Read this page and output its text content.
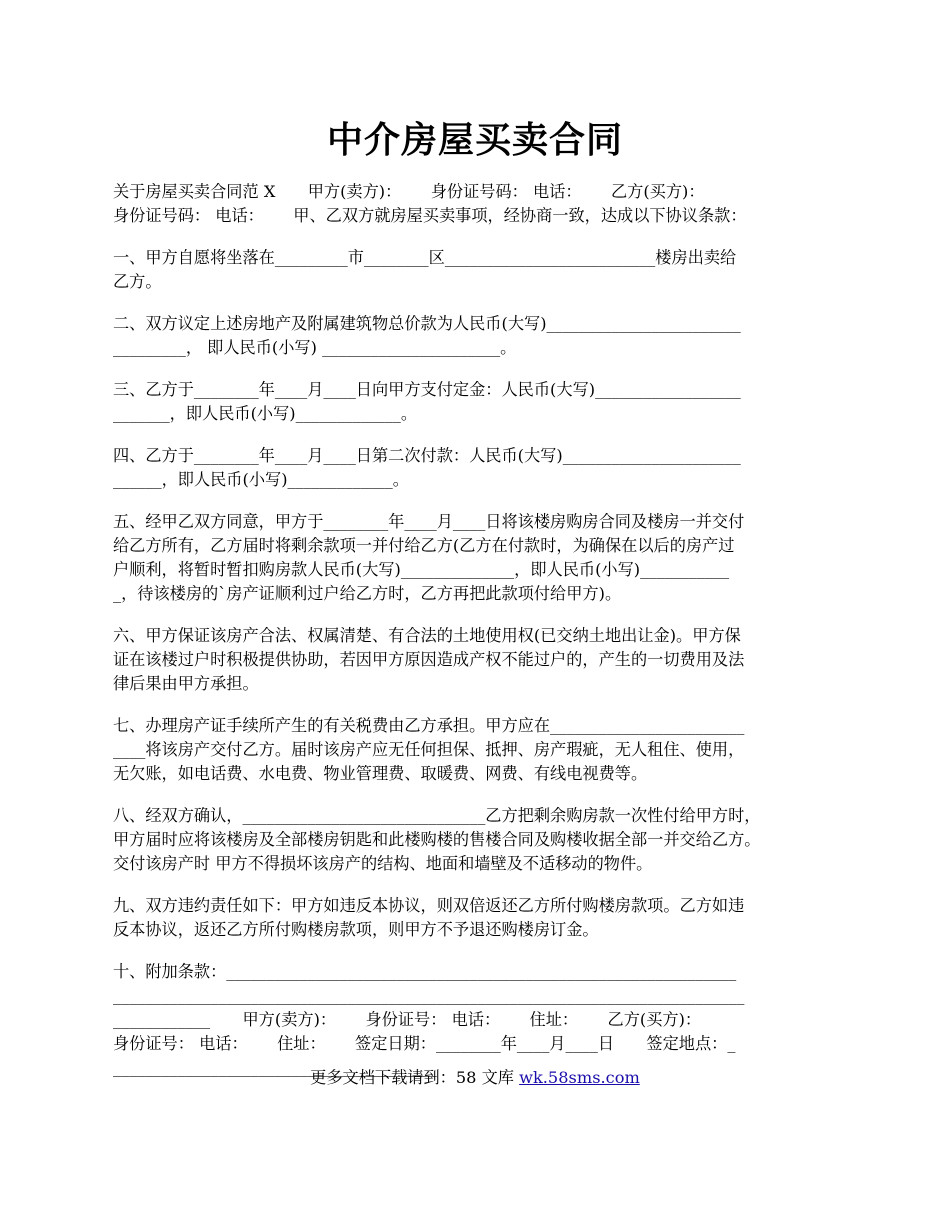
中介房屋买卖合同

关于房屋买卖合同范 X　　甲方(卖方)：　　 身份证号码： 电话：　　 乙方(买方)：
身份证号码： 电话：　　 甲、乙双方就房屋买卖事项，经协商一致，达成以下协议条款：

一、甲方自愿将坐落在_________市________区__________________________楼房出卖给
乙方。

二、双方议定上述房地产及附属建筑物总价款为人民币(大写)________________________
_________， 即人民币(小写) ______________________。

三、乙方于________年____月____日向甲方支付定金：人民币(大写)__________________
_______，即人民币(小写)_____________。

四、乙方于________年____月____日第二次付款：人民币(大写)______________________
______，即人民币(小写)_____________。

五、经甲乙双方同意，甲方于________年____月____日将该楼房购房合同及楼房一并交付
给乙方所有，乙方届时将剩余款项一并付给乙方(乙方在付款时，为确保在以后的房产过
户顺利，将暂时暂扣购房款人民币(大写)______________，即人民币(小写)___________
_，待该楼房的`房产证顺利过户给乙方时，乙方再把此款项付给甲方)。

六、甲方保证该房产合法、权属清楚、有合法的土地使用权(已交纳土地出让金)。甲方保
证在该楼过户时积极提供协助，若因甲方原因造成产权不能过户的，产生的一切费用及法
律后果由甲方承担。

七、办理房产证手续所产生的有关税费由乙方承担。甲方应在________________________
____将该房产交付乙方。届时该房产应无任何担保、抵押、房产瑕疵，无人租住、使用，
无欠账，如电话费、水电费、物业管理费、取暖费、网费、有线电视费等。

八、经双方确认，______________________________乙方把剩余购房款一次性付给甲方时，
甲方届时应将该楼房及全部楼房钥匙和此楼购楼的售楼合同及购楼收据全部一并交给乙方。
交付该房产时 甲方不得损坏该房产的结构、地面和墙壁及不适移动的物件。

九、双方违约责任如下：甲方如违反本协议，则双倍返还乙方所付购楼房款项。乙方如违
反本协议，返还乙方所付购楼房款项，则甲方不予退还购楼房订金。

十、附加条款：_______________________________________________________________
______________________________________________________________________________
____________　　甲方(卖方)：　　 身份证号： 电话：　　 住址：　　 乙方(买方)：
身份证号： 电话：　　 住址：　　 签定日期：________年____月____日　　签定地点：_
________________________________________

更多文档下载请到：58 文库 wk.58sms.com
